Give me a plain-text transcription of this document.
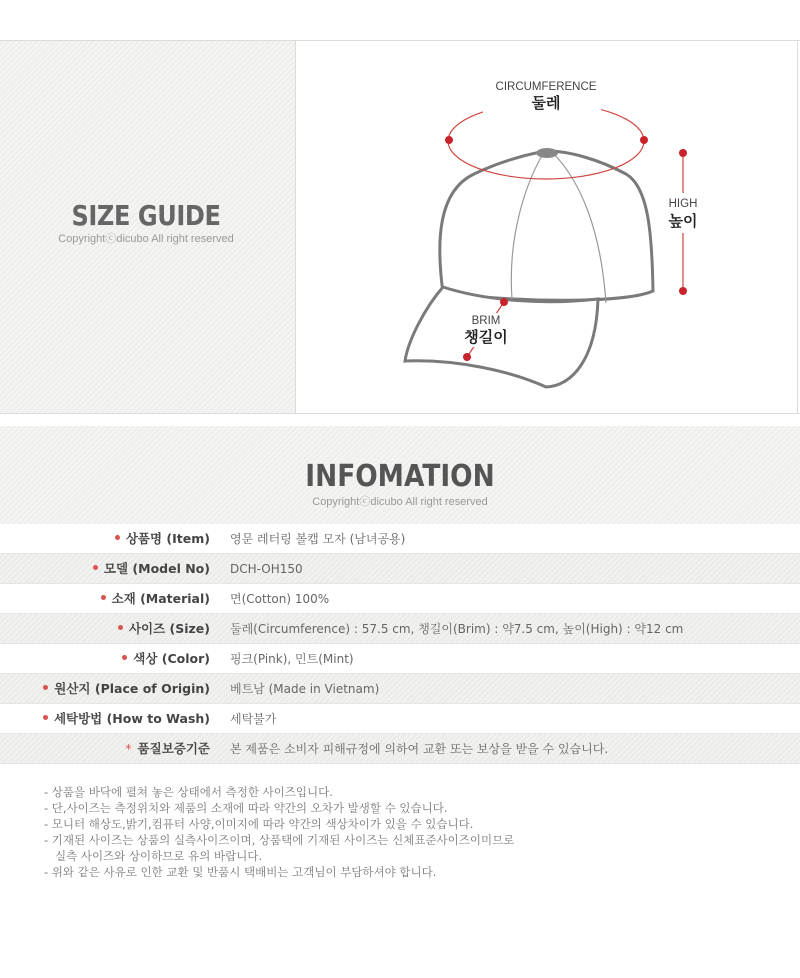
SIZE GUIDE
Copyrightⓒdicubo All right reserved
CIRCUMFERENCE
둘레
HIGH
높이
BRIM
챙길이
INFOMATION
Copyrightⓒdicubo All right reserved
상품명 (Item) 영문 레터링 볼캡 모자 (남녀공용)
모델 (Model No) DCH-OH150
소재 (Material) 면(Cotton) 100%
사이즈 (Size) 둘레(Circumference) : 57.5 cm, 챙길이(Brim) : 약7.5 cm, 높이(High) : 약12 cm
색상 (Color) 핑크(Pink), 민트(Mint)
원산지 (Place of Origin) 베트남 (Made in Vietnam)
세탁방법 (How to Wash) 세탁불가
* 품질보증기준 본 제품은 소비자 피해규정에 의하여 교환 또는 보상을 받을 수 있습니다.
- 상품을 바닥에 펼쳐 놓은 상태에서 측정한 사이즈입니다.
- 단,사이즈는 측정위치와 제품의 소재에 따라 약간의 오차가 발생할 수 있습니다.
- 모니터 해상도,밝기,컴퓨터 사양,이미지에 따라 약간의 색상차이가 있을 수 있습니다.
- 기재된 사이즈는 상품의 실측사이즈이며, 상품택에 기재된 사이즈는 신체표준사이즈이미므로
실측 사이즈와 상이하므로 유의 바랍니다.
- 위와 같은 사유로 인한 교환 및 반품시 택배비는 고객님이 부담하셔야 합니다.
